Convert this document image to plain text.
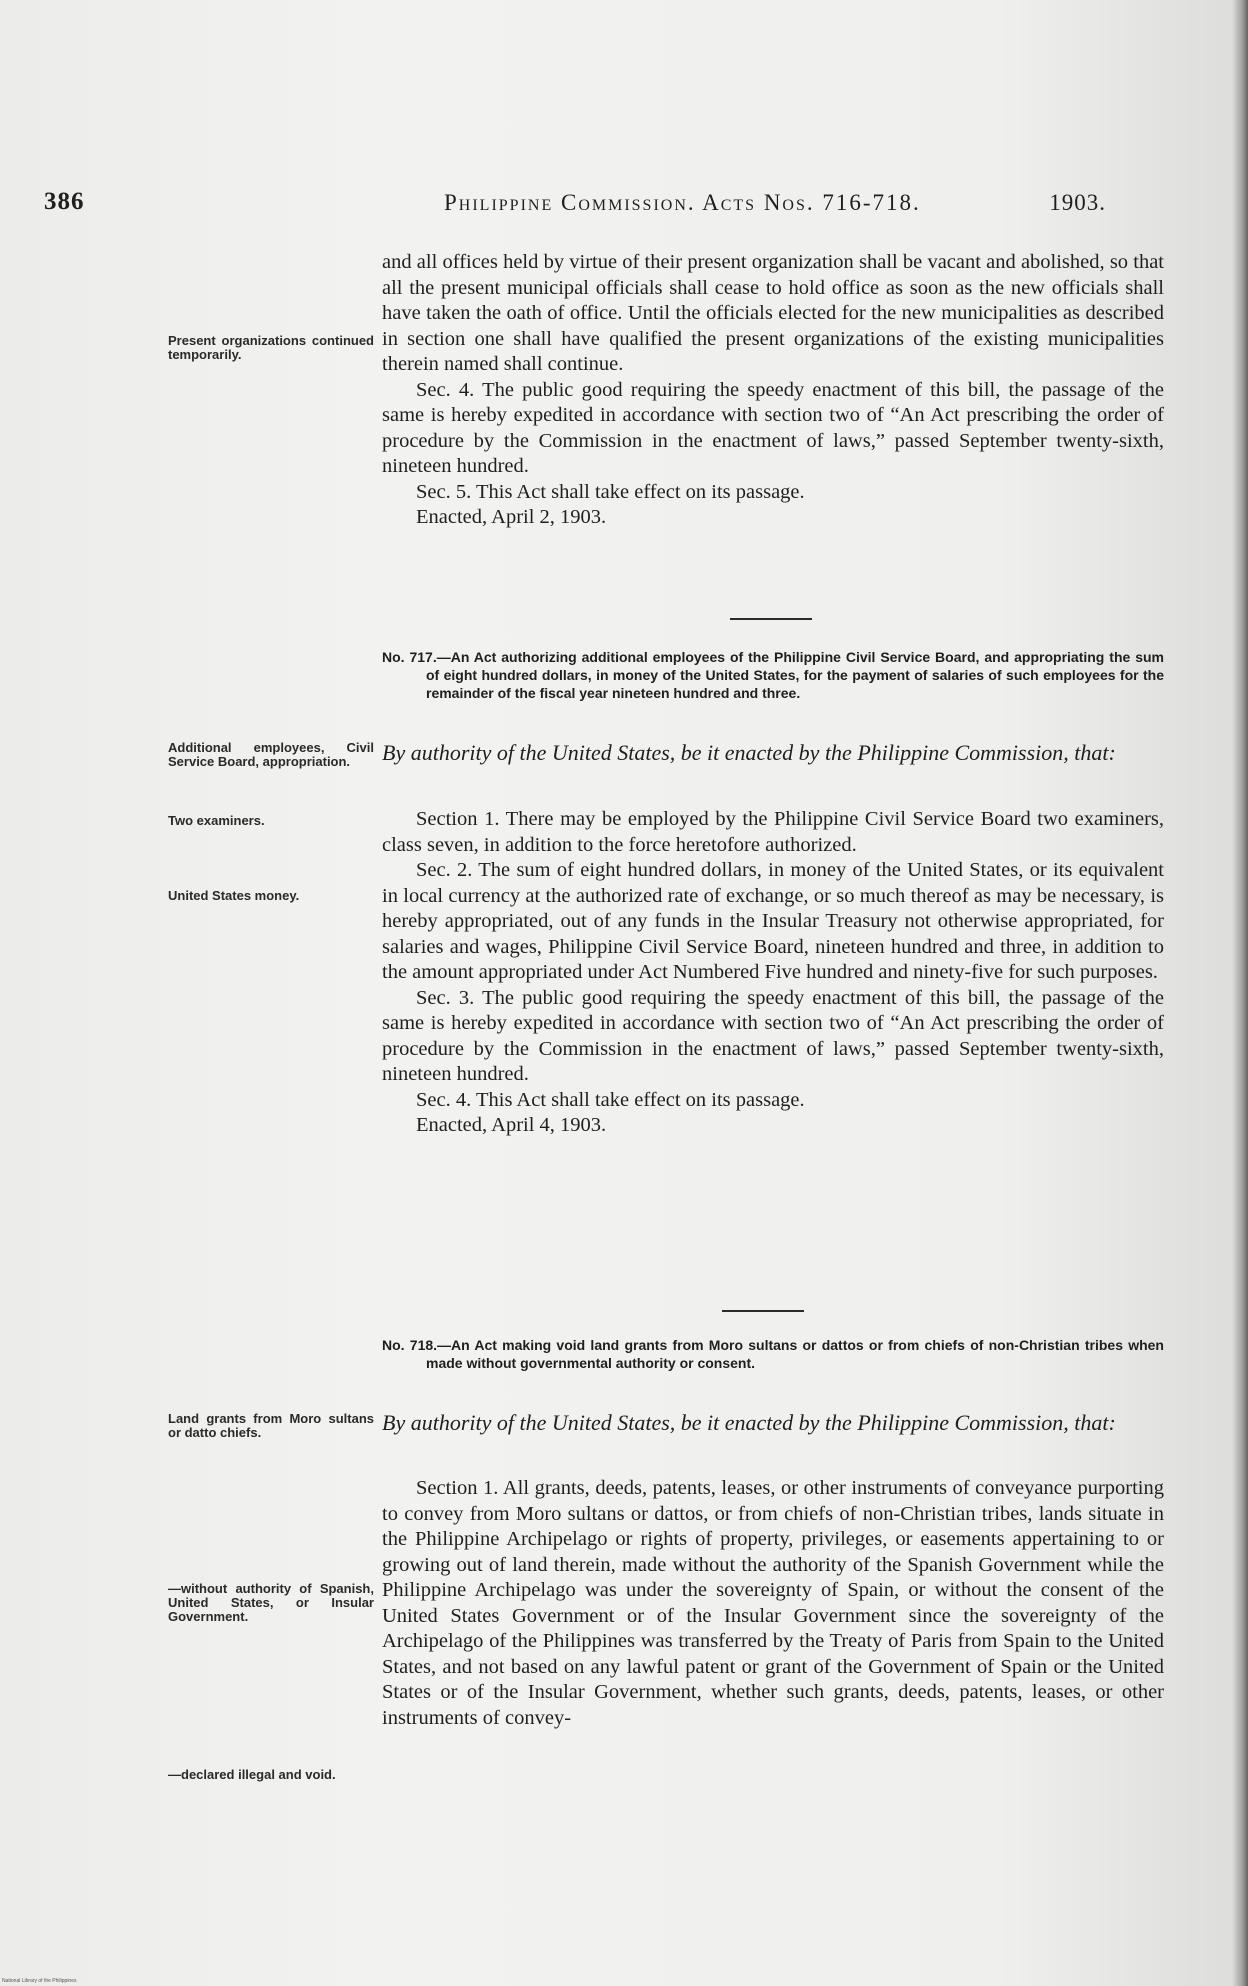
386	Philippine Commission. Acts Nos. 716-718.	1903.

and all offices held by virtue of their present organization shall be vacant and abolished, so that all the present municipal officials shall cease to hold office as soon as the new officials shall have taken the oath of office. Until the officials elected for the new municipalities as described in section one shall have qualified the present organizations of the existing municipalities therein named shall continue.

Sec. 4. The public good requiring the speedy enactment of this bill, the passage of the same is hereby expedited in accordance with section two of “An Act prescribing the order of procedure by the Commission in the enactment of laws,” passed September twenty-sixth, nineteen hundred.

Sec. 5. This Act shall take effect on its passage.

Enacted, April 2, 1903.

Present organizations continued temporarily.
No. 717.—An Act authorizing additional employees of the Philippine Civil Service Board, and appropriating the sum of eight hundred dollars, in money of the United States, for the payment of salaries of such employees for the remainder of the fiscal year nineteen hundred and three.
Additional employees, Civil Service Board, appropriation.	By authority of the United States, be it enacted by the Philippine Commission, that:
Two examiners.	Section 1. There may be employed by the Philippine Civil Service Board two examiners, class seven, in addition to the force heretofore authorized.

Sec. 2. The sum of eight hundred dollars, in money of the United States, or its equivalent in local currency at the authorized rate of exchange, or so much thereof as may be necessary, is hereby appropriated, out of any funds in the Insular Treasury not otherwise appropriated, for salaries and wages, Philippine Civil Service Board, nineteen hundred and three, in addition to the amount appropriated under Act Numbered Five hundred and ninety-five for such purposes.

Sec. 3. The public good requiring the speedy enactment of this bill, the passage of the same is hereby expedited in accordance with section two of “An Act prescribing the order of procedure by the Commission in the enactment of laws,” passed September twenty-sixth, nineteen hundred.

Sec. 4. This Act shall take effect on its passage.

Enacted, April 4, 1903.

United States money.
No. 718.—An Act making void land grants from Moro sultans or dattos or from chiefs of non-Christian tribes when made without governmental authority or consent.
Land grants from Moro sultans or datto chiefs.	By authority of the United States, be it enacted by the Philippine Commission, that:

Section 1. All grants, deeds, patents, leases, or other instruments of conveyance purporting to convey from Moro sultans or dattos, or from chiefs of non-Christian tribes, lands situate in the Philippine Archipelago or rights of property, privileges, or easements appertaining to or growing out of land therein, made without the authority of the Spanish Government while the Philippine Archipelago was under the sovereignty of Spain, or without the consent of the United States Government or of the Insular Government since the sovereignty of the Archipelago of the Philippines was transferred by the Treaty of Paris from Spain to the United States, and not based on any lawful patent or grant of the Government of Spain or the United States or of the Insular Government, whether such grants, deeds, patents, leases, or other instruments of convey-

—without authority of Spanish, United States, or Insular Government.
—declared illegal and void.
National Library of the Philippines
